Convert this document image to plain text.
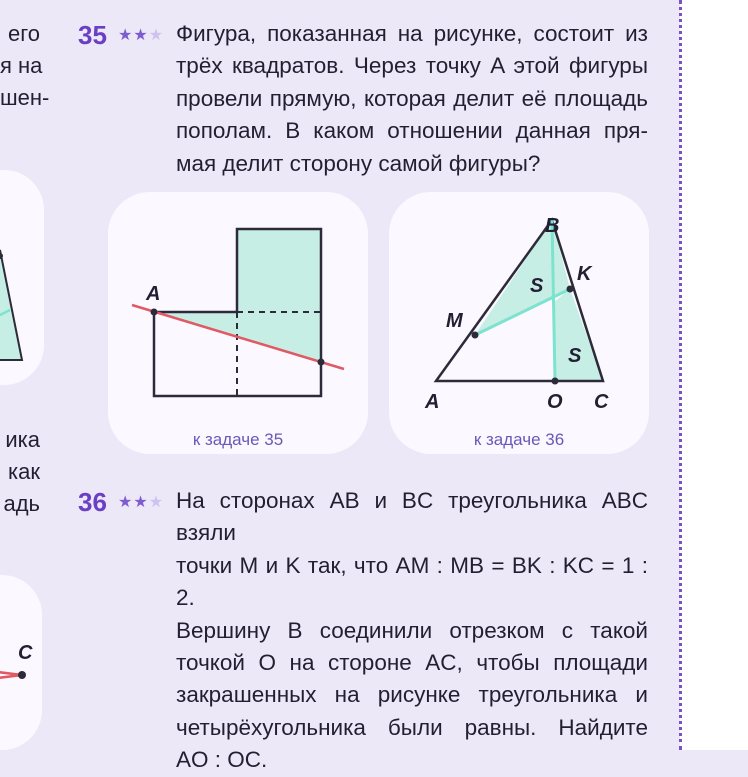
его
я на
шен-
ика
как
адь
C
35 ★★★ Фигура, показанная на рисунке, состоит из
трёх квадратов. Через точку A этой фигуры
провели прямую, которая делит её площадь
пополам. В каком отношении данная пря-
мая делит сторону самой фигуры?
A
к задаче 35
B
A	C
M
K
O
S
S
к задаче 36
36 ★★★ На сторонах AB и BC треугольника ABC взяли
точки M и K так, что AM : MB = BK : KC = 1 : 2.
Вершину B соединили отрезком с такой
точкой O на стороне AC, чтобы площади
закрашенных на рисунке треугольника и
четырёхугольника были равны. Найдите
AO : OC.
